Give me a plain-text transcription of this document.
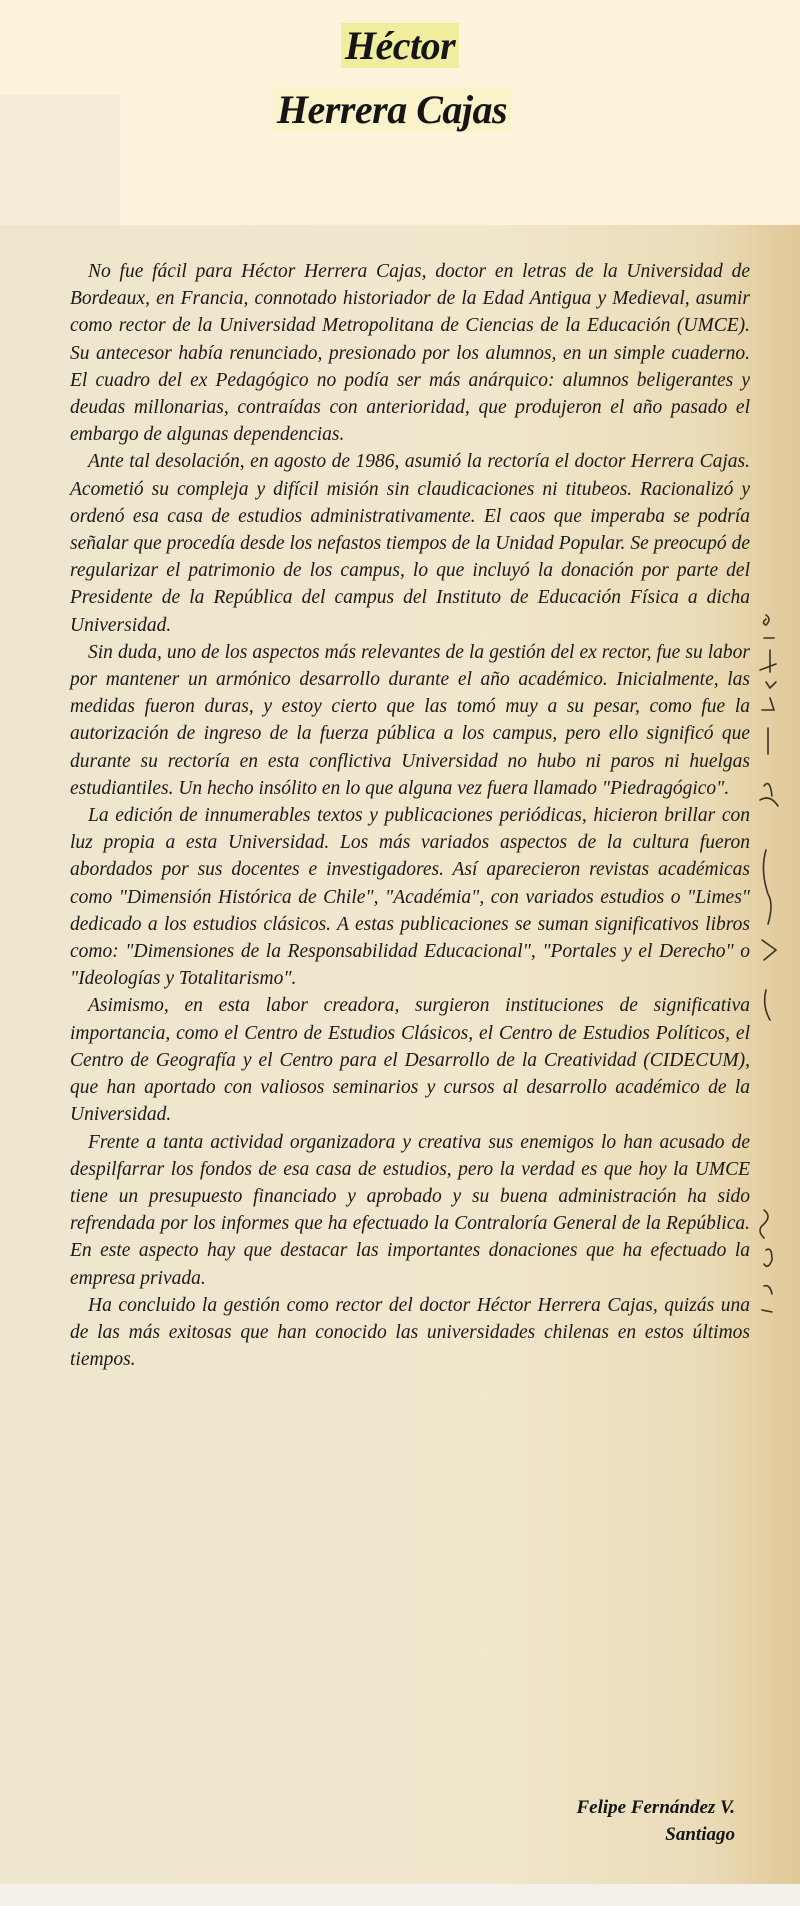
Héctor
Herrera Cajas

No fue fácil para Héctor Herrera Cajas, doctor en letras de la Universidad de Bordeaux, en Francia, connotado historiador de la Edad Antigua y Medieval, asumir como rector de la Universidad Metropolitana de Ciencias de la Educación (UMCE). Su antecesor había renunciado, presionado por los alumnos, en un simple cuaderno. El cuadro del ex Pedagógico no podía ser más anárquico: alumnos beligerantes y deudas millonarias, contraídas con anterioridad, que produjeron el año pasado el embargo de algunas dependencias.

Ante tal desolación, en agosto de 1986, asumió la rectoría el doctor Herrera Cajas. Acometió su compleja y difícil misión sin claudicaciones ni titubeos. Racionalizó y ordenó esa casa de estudios administrativamente. El caos que imperaba se podría señalar que procedía desde los nefastos tiempos de la Unidad Popular. Se preocupó de regularizar el patrimonio de los campus, lo que incluyó la donación por parte del Presidente de la República del campus del Instituto de Educación Física a dicha Universidad.

Sin duda, uno de los aspectos más relevantes de la gestión del ex rector, fue su labor por mantener un armónico desarrollo durante el año académico. Inicialmente, las medidas fueron duras, y estoy cierto que las tomó muy a su pesar, como fue la autorización de ingreso de la fuerza pública a los campus, pero ello significó que durante su rectoría en esta conflictiva Universidad no hubo ni paros ni huelgas estudiantiles. Un hecho insólito en lo que alguna vez fuera llamado "Piedragógico".

La edición de innumerables textos y publicaciones periódicas, hicieron brillar con luz propia a esta Universidad. Los más variados aspectos de la cultura fueron abordados por sus docentes e investigadores. Así aparecieron revistas académicas como "Dimensión Histórica de Chile", "Académia", con variados estudios o "Limes" dedicado a los estudios clásicos. A estas publicaciones se suman significativos libros como: "Dimensiones de la Responsabilidad Educacional", "Portales y el Derecho" o "Ideologías y Totalitarismo".

Asimismo, en esta labor creadora, surgieron instituciones de significativa importancia, como el Centro de Estudios Clásicos, el Centro de Estudios Políticos, el Centro de Geografía y el Centro para el Desarrollo de la Creatividad (CIDECUM), que han aportado con valiosos seminarios y cursos al desarrollo académico de la Universidad.

Frente a tanta actividad organizadora y creativa sus enemigos lo han acusado de despilfarrar los fondos de esa casa de estudios, pero la verdad es que hoy la UMCE tiene un presupuesto financiado y aprobado y su buena administración ha sido refrendada por los informes que ha efectuado la Contraloría General de la República. En este aspecto hay que destacar las importantes donaciones que ha efectuado la empresa privada.

Ha concluido la gestión como rector del doctor Héctor Herrera Cajas, quizás una de las más exitosas que han conocido las universidades chilenas en estos últimos tiempos.

Felipe Fernández V.
Santiago
